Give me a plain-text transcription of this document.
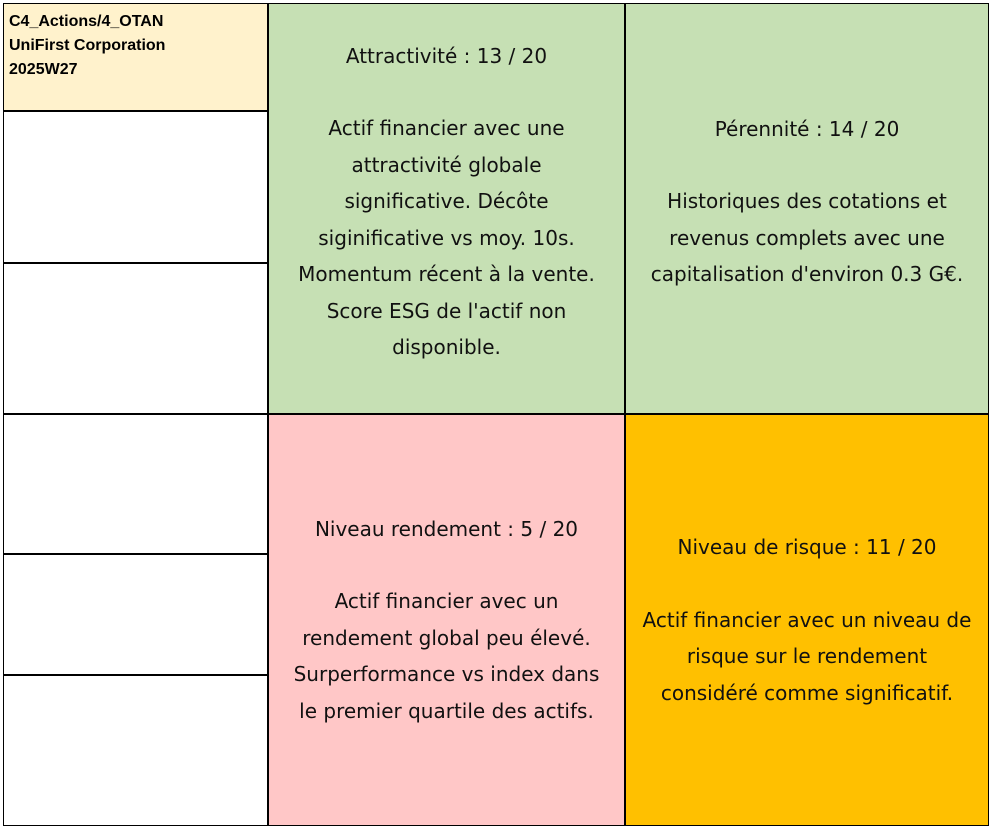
C4_Actions/4_OTAN
UniFirst Corporation
2025W27
Attractivité : 13 / 20
Actif financier avec une
attractivité globale
significative. Décôte
siginificative vs moy. 10s.
Momentum récent à la vente.
Score ESG de l'actif non
disponible.
Pérennité : 14 / 20
Historiques des cotations et
revenus complets avec une
capitalisation d'environ 0.3 G€.
Niveau rendement : 5 / 20
Actif financier avec un
rendement global peu élevé.
Surperformance vs index dans
le premier quartile des actifs.
Niveau de risque : 11 / 20
Actif financier avec un niveau de
risque sur le rendement
considéré comme significatif.
